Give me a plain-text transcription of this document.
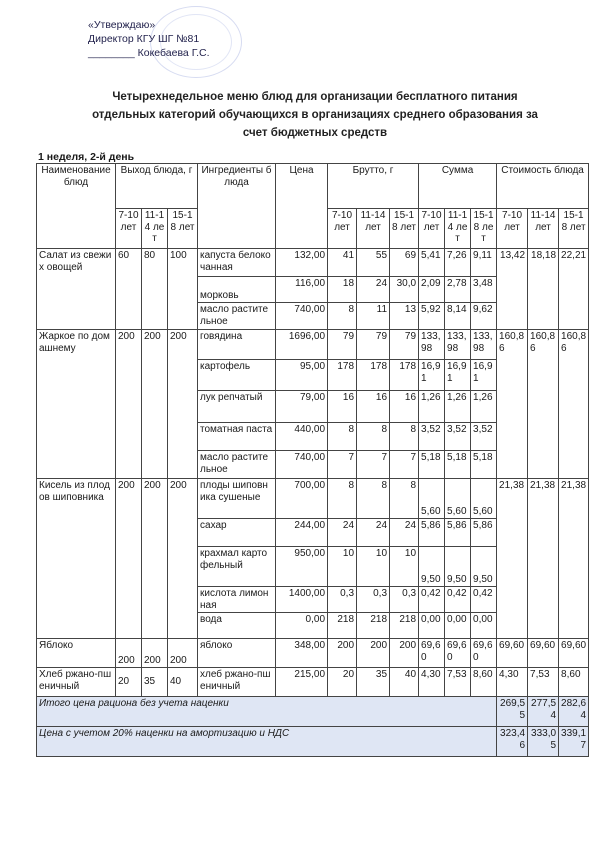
«Утверждаю»
Директор КГУ ШГ №81
________ Кокебаева Г.С.
Четырехнедельное меню блюд для организации бесплатного питания отдельных категорий обучающихся в организациях среднего образования за счет бюджетных средств
1 неделя, 2-й день
Наименование блюд	Выход блюда, г			Ингредиенты блюда	Цена	Брутто, г			Сумма			Стоимость блюда		
	7-10 лет	11-14 лет	15-18 лет			7-10 лет	11-14 лет	15-18 лет	7-10 лет	11-14 лет	15-18 лет	7-10 лет	11-14 лет	15-18 лет
Салат из свежих овощей	60	80	100	капуста белокочанная	132,00	41	55	69	5,41	7,26	9,11	13,42	18,18	22,21
				морковь	116,00	18	24	30,0	2,09	2,78	3,48			
				масло растительное	740,00	8	11	13	5,92	8,14	9,62			
Жаркое по домашнему	200	200	200	говядина	1696,00	79	79	79	133,98	133,98	133,98	160,86	160,86	160,86
				картофель	95,00	178	178	178	16,91	16,91	16,91			
				лук репчатый	79,00	16	16	16	1,26	1,26	1,26			
				томатная паста	440,00	8	8	8	3,52	3,52	3,52			
				масло растительное	740,00	7	7	7	5,18	5,18	5,18			
Кисель из плодов шиповника	200	200	200	плоды шиповника сушеные	700,00	8	8	8	5,60	5,60	5,60	21,38	21,38	21,38
				сахар	244,00	24	24	24	5,86	5,86	5,86			
				крахмал картофельный	950,00	10	10	10	9,50	9,50	9,50			
				кислота лимонная	1400,00	0,3	0,3	0,3	0,42	0,42	0,42			
				вода	0,00	218	218	218	0,00	0,00	0,00			
Яблоко	200	200	200	яблоко	348,00	200	200	200	69,60	69,60	69,60	69,60	69,60	69,60
Хлеб ржано-пшеничный	20	35	40	хлеб ржано-пшеничный	215,00	20	35	40	4,30	7,53	8,60	4,30	7,53	8,60
Итого цена рациона без учета наценки												269,55	277,54	282,64
Цена с учетом 20% наценки на амортизацию и НДС												323,46	333,05	339,17
